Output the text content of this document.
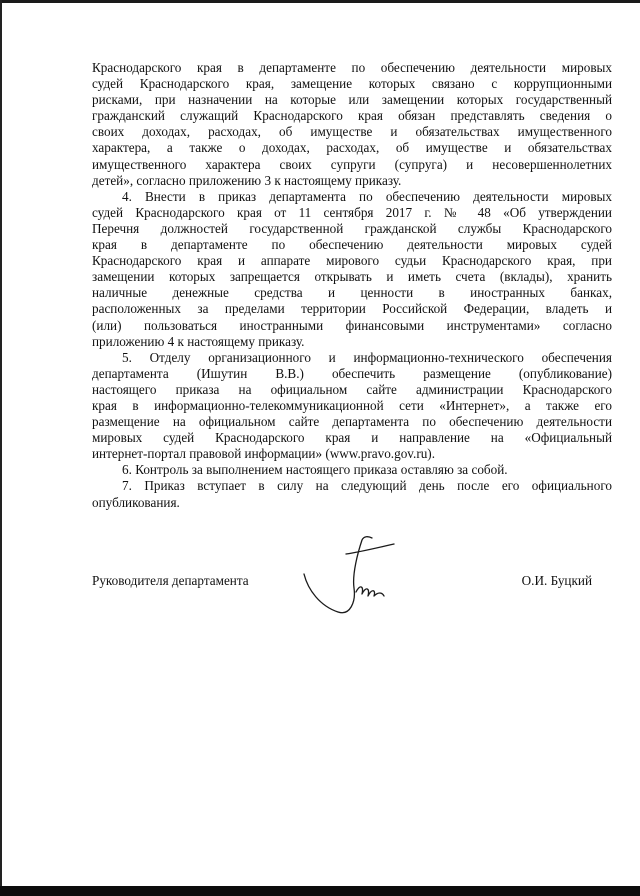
Краснодарского края в департаменте по обеспечению деятельности мировых
судей Краснодарского края, замещение которых связано с коррупционными
рисками, при назначении на которые или замещении которых государственный
гражданский служащий Краснодарского края обязан представлять сведения о
своих доходах, расходах, об имуществе и обязательствах имущественного
характера, а также о доходах, расходах, об имуществе и обязательствах
имущественного характера своих супруги (супруга) и несовершеннолетних
детей», согласно приложению 3 к настоящему приказу.
4. Внести в приказ департамента по обеспечению деятельности мировых
судей Краснодарского края от 11 сентября 2017 г. № 48 «Об утверждении
Перечня должностей государственной гражданской службы Краснодарского
края в департаменте по обеспечению деятельности мировых судей
Краснодарского края и аппарате мирового судьи Краснодарского края, при
замещении которых запрещается открывать и иметь счета (вклады), хранить
наличные денежные средства и ценности в иностранных банках,
расположенных за пределами территории Российской Федерации, владеть и
(или) пользоваться иностранными финансовыми инструментами» согласно
приложению 4 к настоящему приказу.
5. Отделу организационного и информационно-технического обеспечения
департамента (Ишутин В.В.) обеспечить размещение (опубликование)
настоящего приказа на официальном сайте администрации Краснодарского
края в информационно-телекоммуникационной сети «Интернет», а также его
размещение на официальном сайте департамента по обеспечению деятельности
мировых судей Краснодарского края и направление на «Официальный
интернет-портал правовой информации» (www.pravo.gov.ru).
6. Контроль за выполнением настоящего приказа оставляю за собой.
7. Приказ вступает в силу на следующий день после его официального
опубликования.
Руководителя департамента	О.И. Буцкий
